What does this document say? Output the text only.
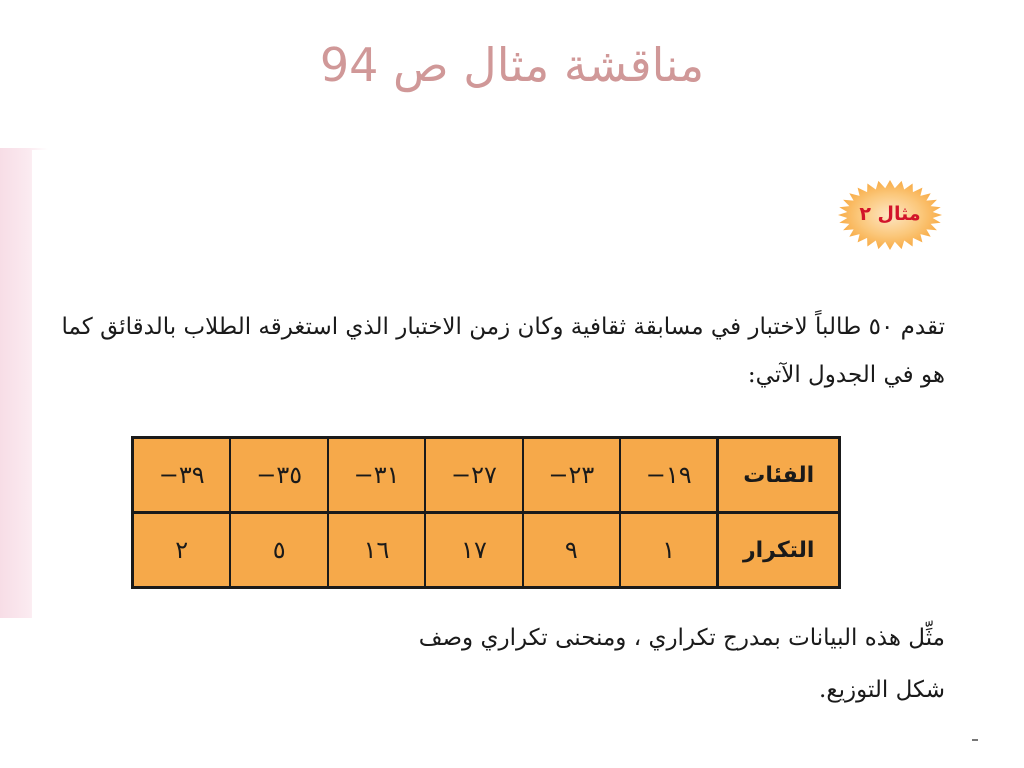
مناقشة مثال ص 94
مثال ٢
تقدم ٥٠ طالباً لاختبار في مسابقة ثقافية وكان زمن الاختبار الذي استغرقه الطلاب بالدقائق كما
هو في الجدول الآتي:
الفئات	١٩−	٢٣−	٢٧−	٣١−	٣٥−	٣٩−
التكرار	١	٩	١٧	١٦	٥	٢
مثِّل هذه البيانات بمدرج تكراري ، ومنحنى تكراري وصف
شكل التوزيع.
